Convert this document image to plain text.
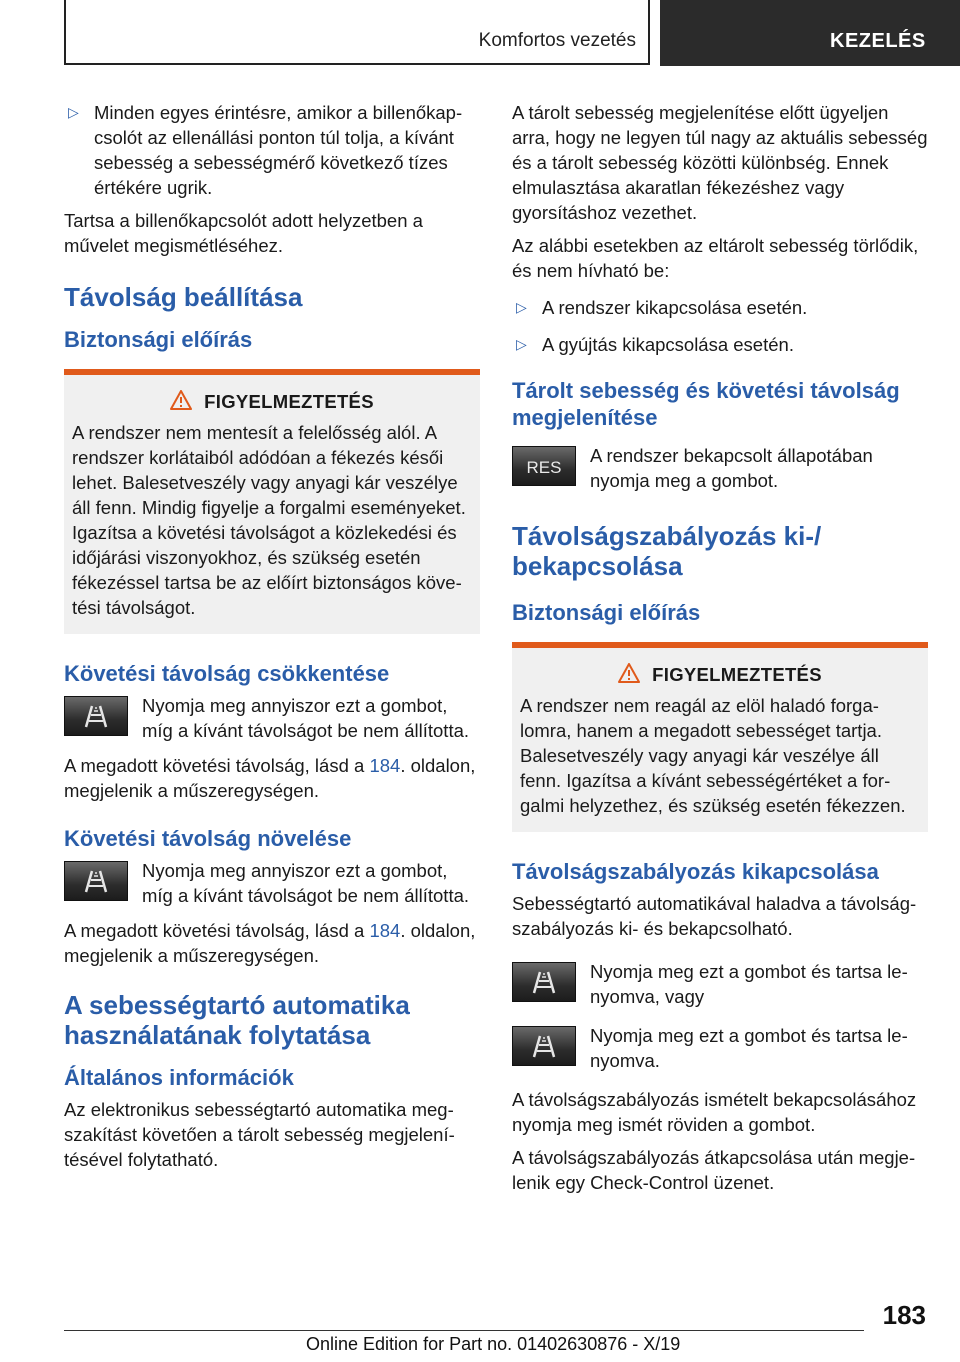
Komfortos vezetés	KEZELÉS
▷ Minden egyes érintésre, amikor a billenőkapcsolót az ellenállási ponton túl tolja, a kívánt sebesség a sebességmérő következő tízes értékére ugrik.

Tartsa a billenőkapcsolót adott helyzetben a művelet megismétléséhez.

Távolság beállítása
Biztonsági előírás
FIGYELMEZTETÉS
A rendszer nem mentesít a felelősség alól. A rendszer korlátaiból adódóan a fékezés késői lehet. Balesetveszély vagy anyagi kár veszélye áll fenn. Mindig figyelje a forgalmi eseményeket. Igazítsa a követési távolságot a közlekedési és időjárási viszonyokhoz, és szükség esetén fékezéssel tartsa be az előírt biztonságos követési távolságot.
Követési távolság csökkentése
Nyomja meg annyiszor ezt a gombot, míg a kívánt távolságot be nem állította.

A megadott követési távolság, lásd a 184. oldalon, megjelenik a műszeregységen.

Követési távolság növelése
Nyomja meg annyiszor ezt a gombot, míg a kívánt távolságot be nem állította.

A megadott követési távolság, lásd a 184. oldalon, megjelenik a műszeregységen.

A sebességtartó automatika használatának folytatása
Általános információk

Az elektronikus sebességtartó automatika megszakítást követően a tárolt sebesség megjelenítésével folytatható.

A tárolt sebesség megjelenítése előtt ügyeljen arra, hogy ne legyen túl nagy az aktuális sebesség és a tárolt sebesség közötti különbség. Ennek elmulasztása akaratlan fékezéshez vagy gyorsításhoz vezethet.

Az alábbi esetekben az eltárolt sebesség törlődik, és nem hívható be:

▷ A rendszer kikapcsolása esetén.
▷ A gyújtás kikapcsolása esetén.
Tárolt sebesség és követési távolság megjelenítése
RES
A rendszer bekapcsolt állapotában nyomja meg a gombot.
Távolságszabályozás ki-/ bekapcsolása
Biztonsági előírás
FIGYELMEZTETÉS
A rendszer nem reagál az elöl haladó forgalomra, hanem a megadott sebességet tartja. Balesetveszély vagy anyagi kár veszélye áll fenn. Igazítsa a kívánt sebességértéket a forgalmi helyzethez, és szükség esetén fékezzen.
Távolságszabályozás kikapcsolása

Sebességtartó automatikával haladva a távolságszabályozás ki- és bekapcsolható.

Nyomja meg ezt a gombot és tartsa lenyomva, vagy
Nyomja meg ezt a gombot és tartsa lenyomva.

A távolságszabályozás ismételt bekapcsolásához nyomja meg ismét röviden a gombot.

A távolságszabályozás átkapcsolása után megjelenik egy Check-Control üzenet.

183
Online Edition for Part no. 01402630876 - X/19
